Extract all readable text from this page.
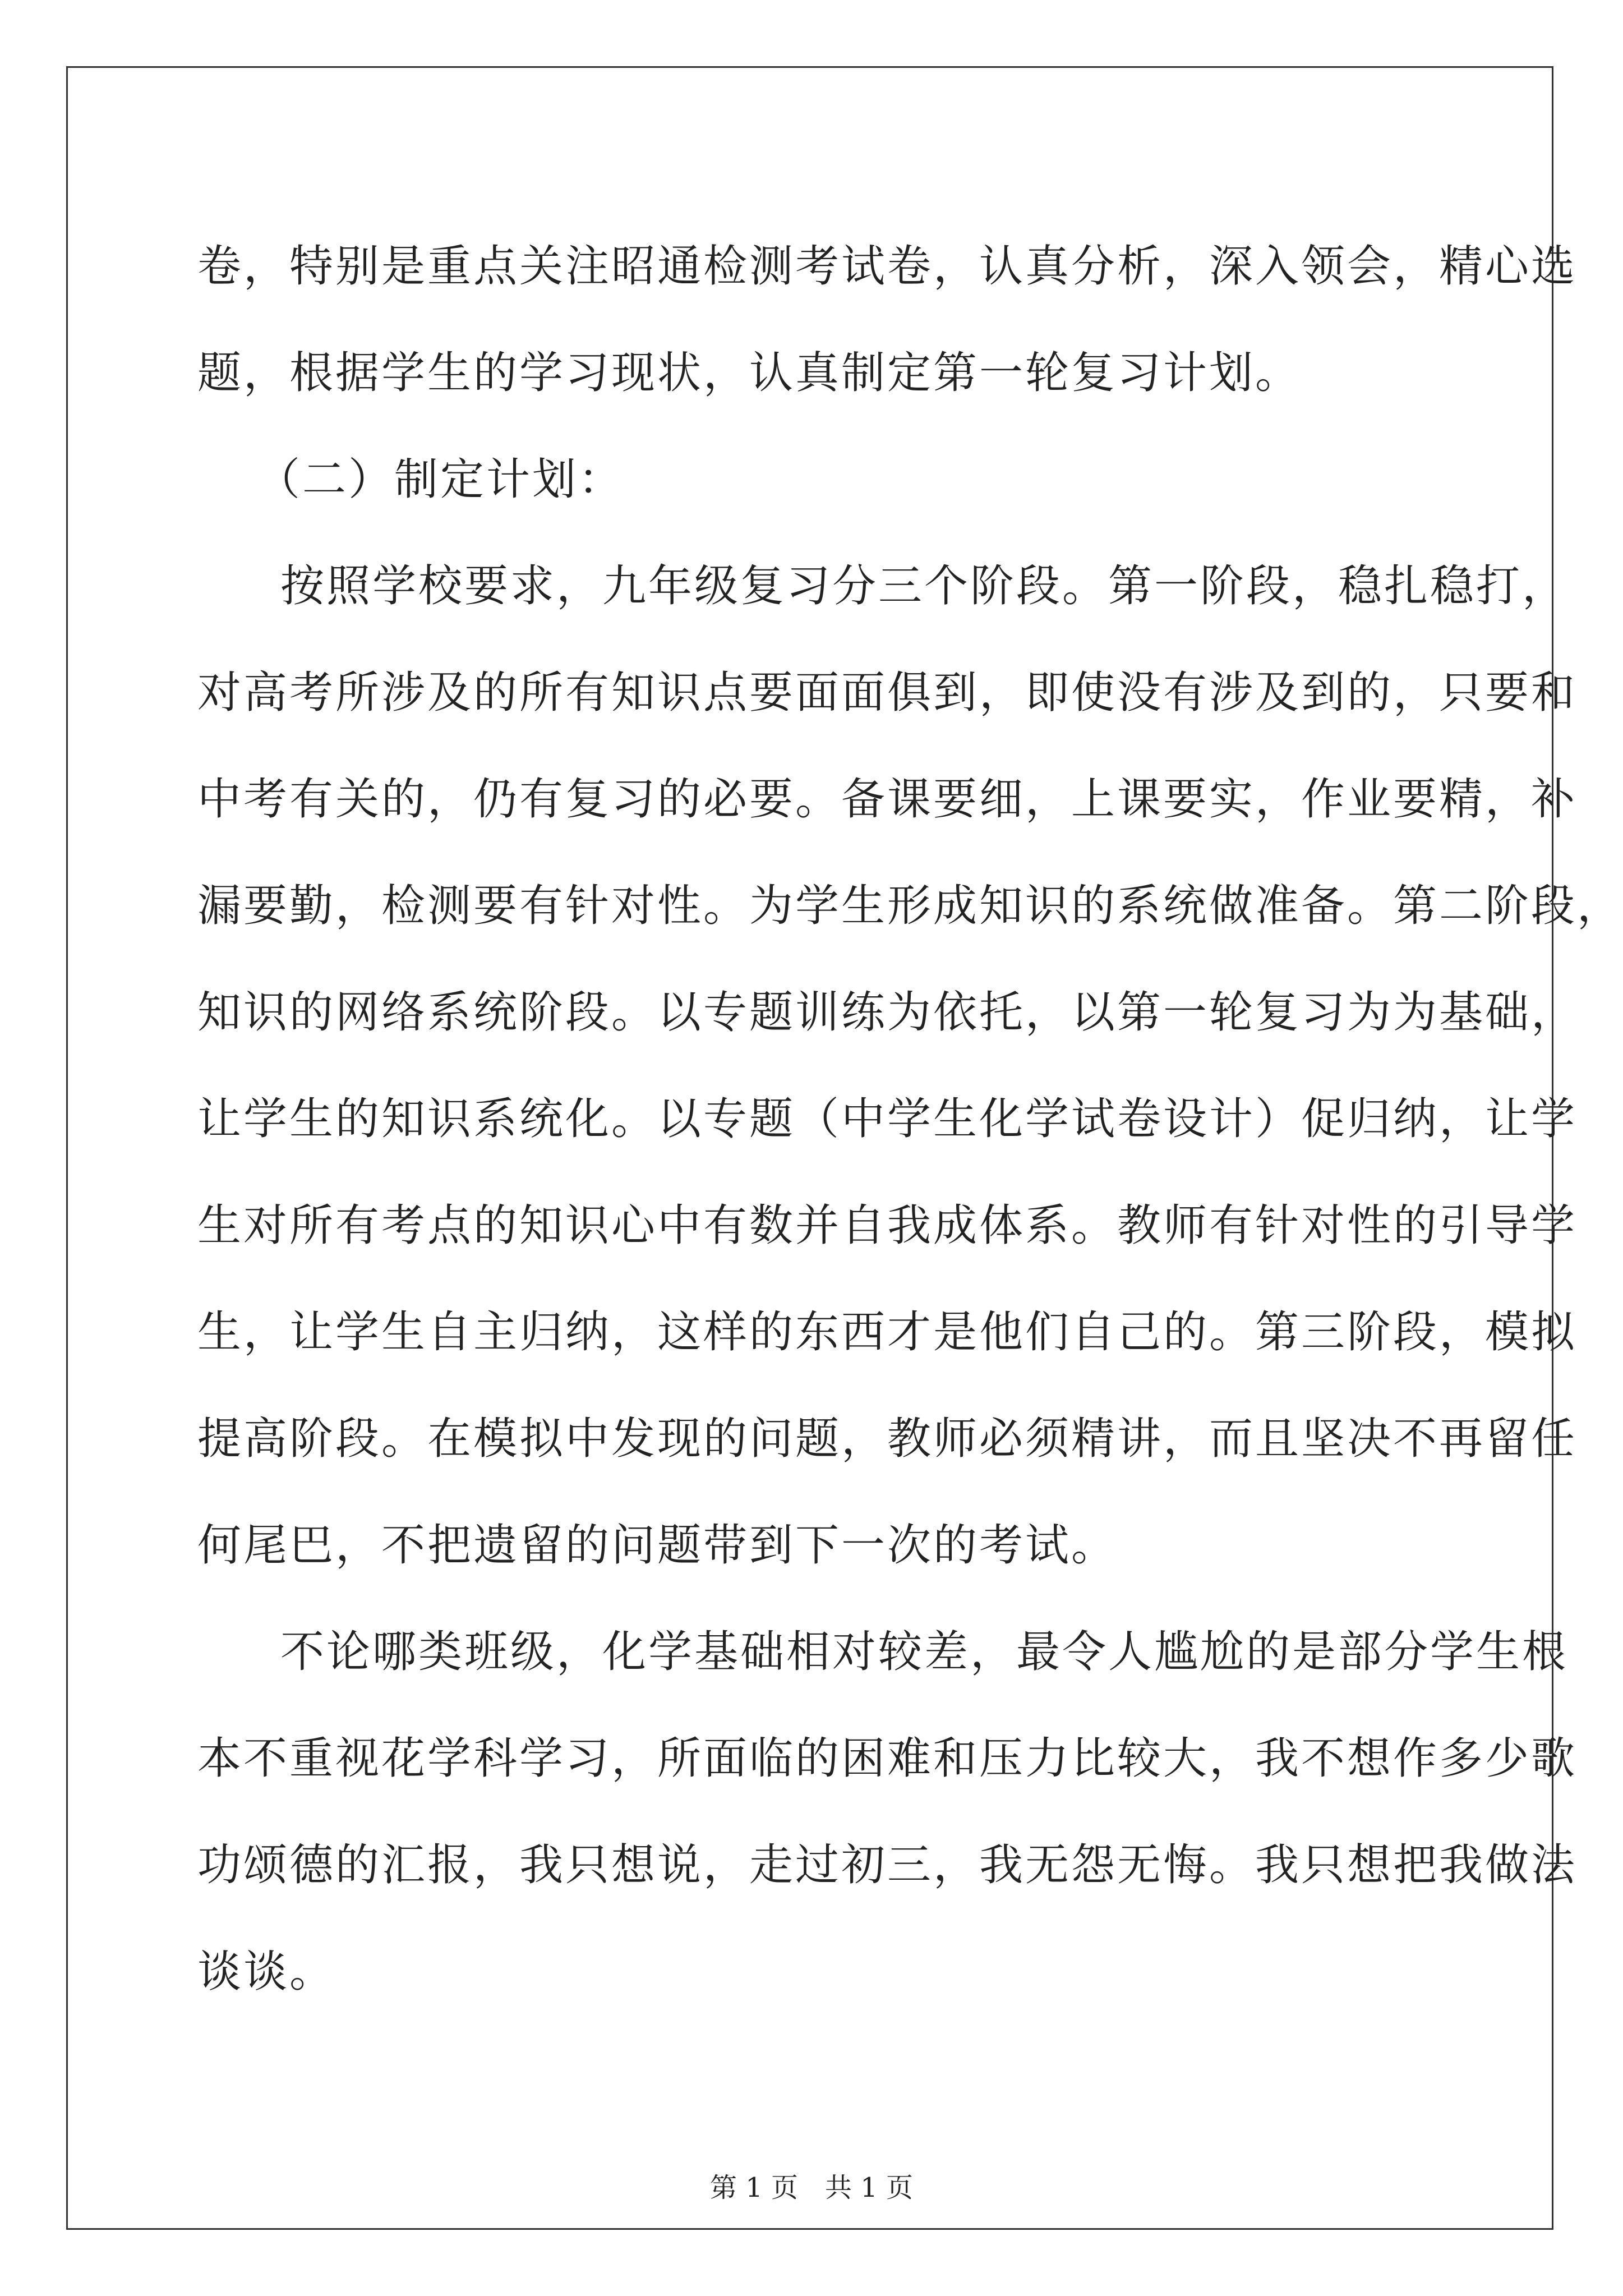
卷，特别是重点关注昭通检测考试卷，认真分析，深入领会，精心选
题，根据学生的学习现状，认真制定第一轮复习计划。
（二）制定计划：
按照学校要求，九年级复习分三个阶段。第一阶段，稳扎稳打，
对高考所涉及的所有知识点要面面俱到，即使没有涉及到的，只要和
中考有关的，仍有复习的必要。备课要细，上课要实，作业要精，补
漏要勤，检测要有针对性。为学生形成知识的系统做准备。第二阶段，
知识的网络系统阶段。以专题训练为依托，以第一轮复习为为基础，
让学生的知识系统化。以专题（中学生化学试卷设计）促归纳，让学
生对所有考点的知识心中有数并自我成体系。教师有针对性的引导学
生，让学生自主归纳，这样的东西才是他们自己的。第三阶段，模拟
提高阶段。在模拟中发现的问题，教师必须精讲，而且坚决不再留任
何尾巴，不把遗留的问题带到下一次的考试。
不论哪类班级，化学基础相对较差，最令人尴尬的是部分学生根
本不重视花学科学习，所面临的困难和压力比较大，我不想作多少歌
功颂德的汇报，我只想说，走过初三，我无怨无悔。我只想把我做法
谈谈。
第 1 页　共 1 页
